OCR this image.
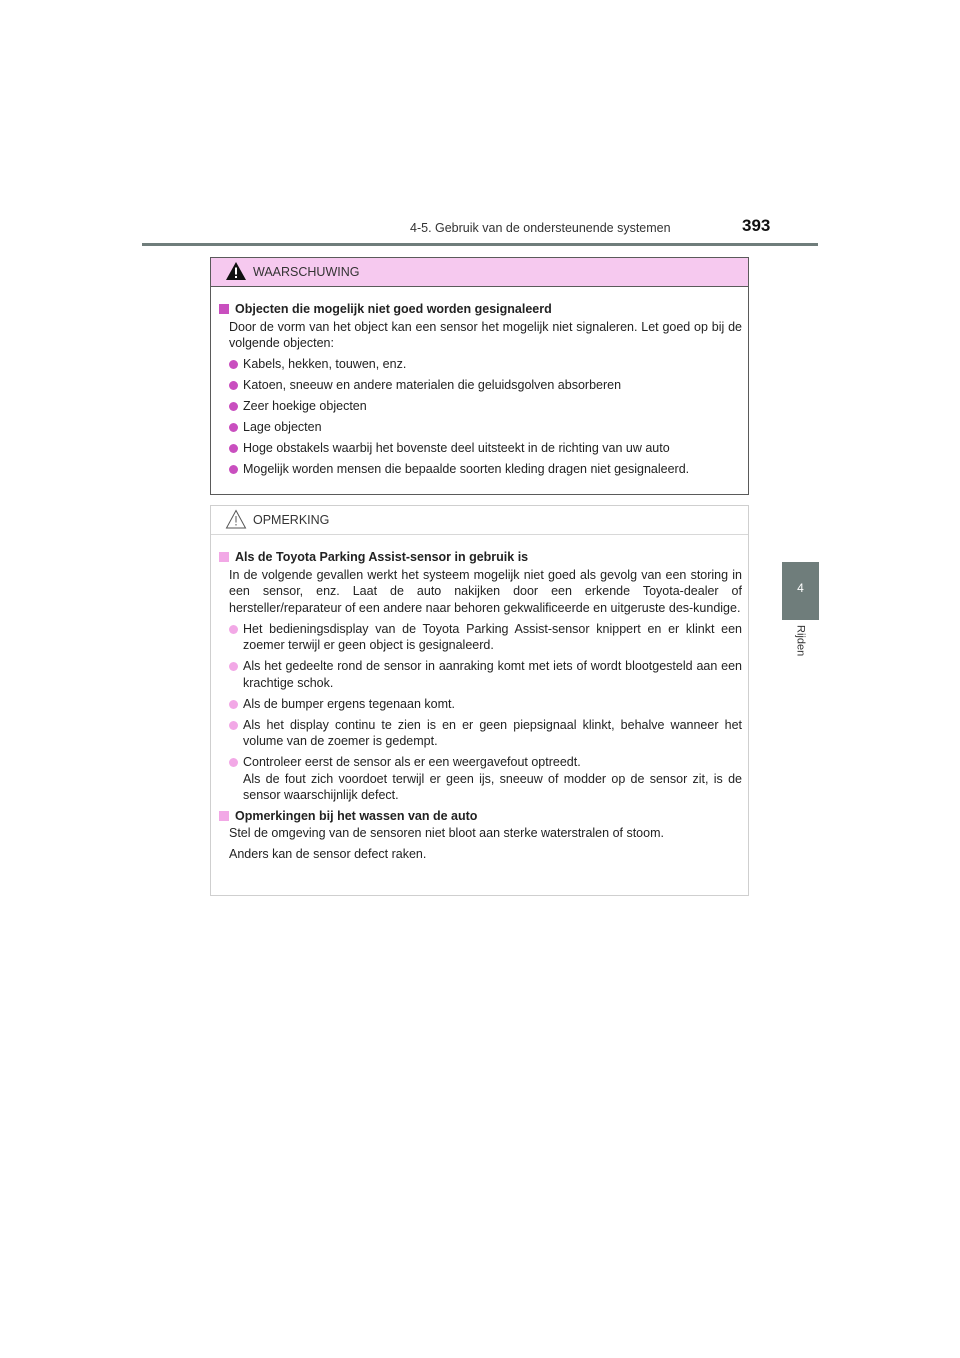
4-5. Gebruik van de ondersteunende systemen	393
4
Rijden
WAARSCHUWING
Objecten die mogelijk niet goed worden gesignaleerd
Door de vorm van het object kan een sensor het mogelijk niet signaleren. Let goed op bij de volgende objecten:
Kabels, hekken, touwen, enz.
Katoen, sneeuw en andere materialen die geluidsgolven absorberen
Zeer hoekige objecten
Lage objecten
Hoge obstakels waarbij het bovenste deel uitsteekt in de richting van uw auto
Mogelijk worden mensen die bepaalde soorten kleding dragen niet gesignaleerd.
OPMERKING
Als de Toyota Parking Assist-sensor in gebruik is
In de volgende gevallen werkt het systeem mogelijk niet goed als gevolg van een storing in een sensor, enz. Laat de auto nakijken door een erkende Toyota-dealer of hersteller/reparateur of een andere naar behoren gekwalificeerde en uitgeruste des-kundige.
Het bedieningsdisplay van de Toyota Parking Assist-sensor knippert en er klinkt een zoemer terwijl er geen object is gesignaleerd.
Als het gedeelte rond de sensor in aanraking komt met iets of wordt blootgesteld aan een krachtige schok.
Als de bumper ergens tegenaan komt.
Als het display continu te zien is en er geen piepsignaal klinkt, behalve wanneer het volume van de zoemer is gedempt.
Controleer eerst de sensor als er een weergavefout optreedt.
Als de fout zich voordoet terwijl er geen ijs, sneeuw of modder op de sensor zit, is de sensor waarschijnlijk defect.
Opmerkingen bij het wassen van de auto
Stel de omgeving van de sensoren niet bloot aan sterke waterstralen of stoom.
Anders kan de sensor defect raken.
